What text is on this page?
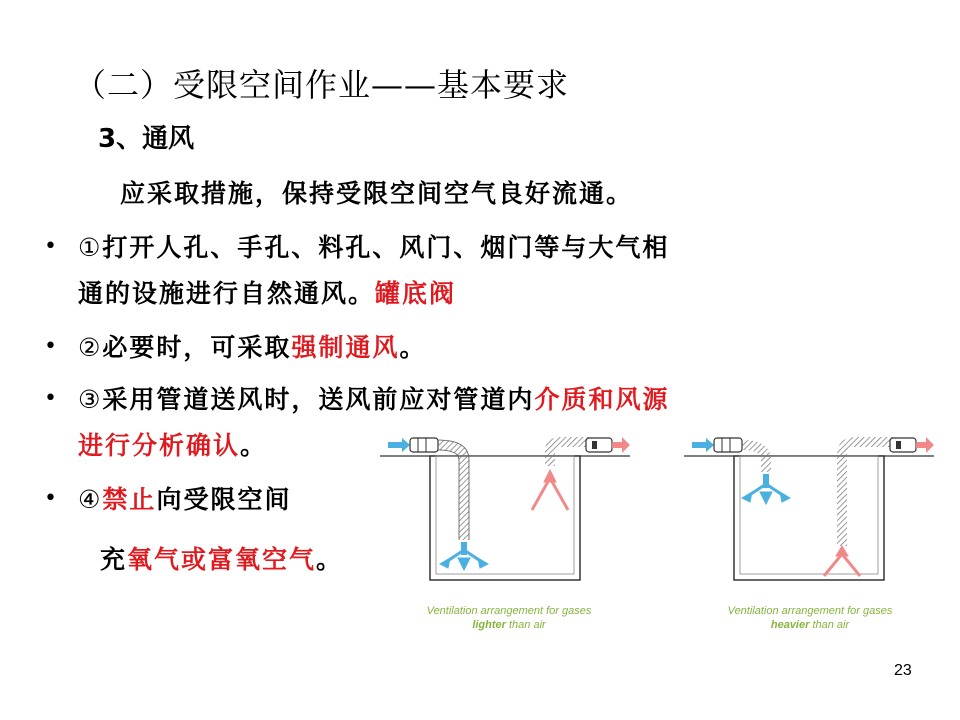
（二）受限空间作业——基本要求
3、通风
应采取措施，保持受限空间空气良好流通。
• ①打开人孔、手孔、料孔、风门、烟门等与大气相
通的设施进行自然通风。罐底阀
• ②必要时，可采取强制通风。
• ③采用管道送风时，送风前应对管道内介质和风源
进行分析确认。
• ④禁止向受限空间
充氧气或富氧空气。
Ventilation arrangement for gases
lighter than air
Ventilation arrangement for gases
heavier than air
23
